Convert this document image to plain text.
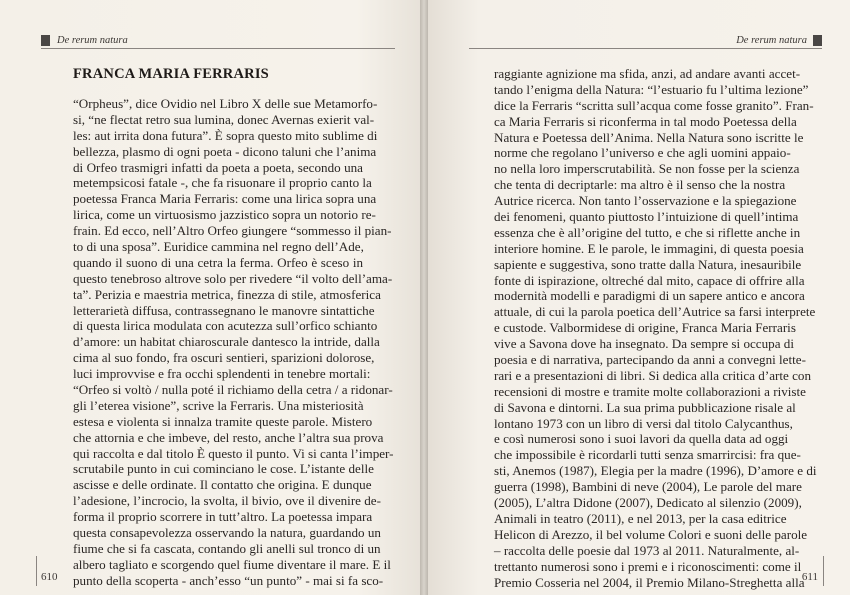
De rerum natura
FRANCA MARIA FERRARIS
“Orpheus”, dice Ovidio nel Libro X delle sue Metamorfo-
si, “ne flectat retro sua lumina, donec Avernas exierit val-
les: aut irrita dona futura”. È sopra questo mito sublime di
bellezza, plasmo di ogni poeta - dicono taluni che l’anima
di Orfeo trasmigri infatti da poeta a poeta, secondo una
metempsicosi fatale -, che fa risuonare il proprio canto la
poetessa Franca Maria Ferraris: come una lirica sopra una
lirica, come un virtuosismo jazzistico sopra un notorio re-
frain. Ed ecco, nell’Altro Orfeo giungere “sommesso il pian-
to di una sposa”. Euridice cammina nel regno dell’Ade,
quando il suono di una cetra la ferma. Orfeo è sceso in
questo tenebroso altrove solo per rivedere “il volto dell’ama-
ta”. Perizia e maestria metrica, finezza di stile, atmosferica
letterarietà diffusa, contrassegnano le manovre sintattiche
di questa lirica modulata con acutezza sull’orfico schianto
d’amore: un habitat chiaroscurale dantesco la intride, dalla
cima al suo fondo, fra oscuri sentieri, sparizioni dolorose,
luci improvvise e fra occhi splendenti in tenebre mortali:
“Orfeo si voltò / nulla poté il richiamo della cetra / a ridonar-
gli l’eterea visione”, scrive la Ferraris. Una misteriosità
estesa e violenta si innalza tramite queste parole. Mistero
che attornia e che imbeve, del resto, anche l’altra sua prova
qui raccolta e dal titolo È questo il punto. Vi si canta l’imper-
scrutabile punto in cui cominciano le cose. L’istante delle
ascisse e delle ordinate. Il contatto che origina. E dunque
l’adesione, l’incrocio, la svolta, il bivio, ove il divenire de-
forma il proprio scorrere in tutt’altro. La poetessa impara
questa consapevolezza osservando la natura, guardando un
fiume che si fa cascata, contando gli anelli sul tronco di un
albero tagliato e scorgendo quel fiume diventare il mare. E il
punto della scoperta - anch’esso “un punto” - mai si fa sco-
610
De rerum natura
raggiante agnizione ma sfida, anzi, ad andare avanti accet-
tando l’enigma della Natura: “l’estuario fu l’ultima lezione”
dice la Ferraris “scritta sull’acqua come fosse granito”. Fran-
ca Maria Ferraris si riconferma in tal modo Poetessa della
Natura e Poetessa dell’Anima. Nella Natura sono iscritte le
norme che regolano l’universo e che agli uomini appaio-
no nella loro imperscrutabilità. Se non fosse per la scienza
che tenta di decriptarle: ma altro è il senso che la nostra
Autrice ricerca. Non tanto l’osservazione e la spiegazione
dei fenomeni, quanto piuttosto l’intuizione di quell’intima
essenza che è all’origine del tutto, e che si riflette anche in
interiore homine. E le parole, le immagini, di questa poesia
sapiente e suggestiva, sono tratte dalla Natura, inesauribile
fonte di ispirazione, oltreché dal mito, capace di offrire alla
modernità modelli e paradigmi di un sapere antico e ancora
attuale, di cui la parola poetica dell’Autrice sa farsi interprete
e custode. Valbormidese di origine, Franca Maria Ferraris
vive a Savona dove ha insegnato. Da sempre si occupa di
poesia e di narrativa, partecipando da anni a convegni lette-
rari e a presentazioni di libri. Si dedica alla critica d’arte con
recensioni di mostre e tramite molte collaborazioni a riviste
di Savona e dintorni. La sua prima pubblicazione risale al
lontano 1973 con un libro di versi dal titolo Calycanthus,
e così numerosi sono i suoi lavori da quella data ad oggi
che impossibile è ricordarli tutti senza smarrircisi: fra que-
sti, Anemos (1987), Elegia per la madre (1996), D’amore e di
guerra (1998), Bambini di neve (2004), Le parole del mare
(2005), L’altra Didone (2007), Dedicato al silenzio (2009),
Animali in teatro (2011), e nel 2013, per la casa editrice
Helicon di Arezzo, il bel volume Colori e suoni delle parole
– raccolta delle poesie dal 1973 al 2011. Naturalmente, al-
trettanto numerosi sono i premi e i riconoscimenti: come il
Premio Cosseria nel 2004, il Premio Milano-Streghetta alla
611
